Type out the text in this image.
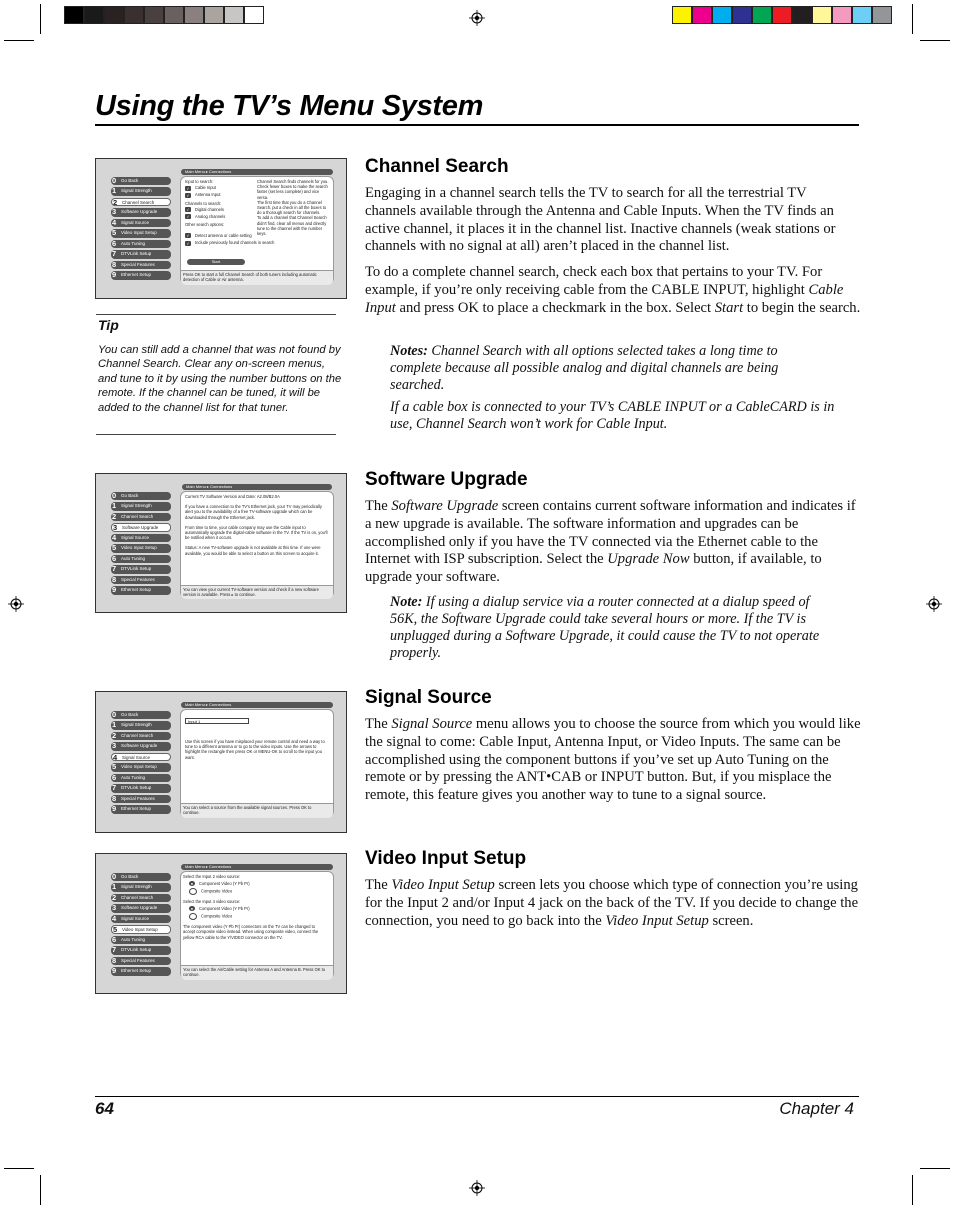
Using the TV’s Menu System
0 Go Back
1 Signal Strength
2 Channel Search
3 Software Upgrade
4 Signal Source
5 Video Input Setup
6 Auto Tuning
7 DTVLink Setup
8 Special Features
9 Ethernet Setup
Main Menu ▸ Connections
Input to search:
✓ Cable Input
✓ Antenna Input
Channels to search:
✓ Digital channels
✓ Analog channels
Other search options:
✓ Detect antenna or cable setting
✓ Include previously found channels in search
Start
Channel Search finds channels for you. Check fewer boxes to make the search faster (set less complete) and vice versa.
The first time that you do a Channel Search, put a check in all the boxes to do a thorough search for channels.
To add a channel that Channel Search didn't find, clear all menus and directly tune to the channel with the number keys.
Press OK to start a full Channel Search of both tuners including automatic detection of Cable or Air antenna.
Tip

You can still add a channel that was not found by Channel Search. Clear any on-screen menus, and tune to it by using the number buttons on the remote. If the channel can be tuned, it will be added to the channel list for that tuner.

Channel Search

Engaging in a channel search tells the TV to search for all the terrestrial TV channels available through the Antenna and Cable Inputs. When the TV finds an active channel, it places it in the channel list. Inactive channels (weak stations or channels with no signal at all) aren’t placed in the channel list.

To do a complete channel search, check each box that pertains to your TV. For example, if you’re only receiving cable from the CABLE INPUT, highlight Cable Input and press OK to place a checkmark in the box. Select Start to begin the search.

Notes: Channel Search with all options selected takes a long time to complete because all possible analog and digital channels are being searched.

If a cable box is connected to your TV’s CABLE INPUT or a CableCARD is in use, Channel Search won’t work for Cable Input.

0 Go Back
1 Signal Strength
2 Channel Search
3 Software Upgrade
4 Signal Source
5 Video Input Setup
6 Auto Tuning
7 DTVLink Setup
8 Special Features
9 Ethernet Setup
Main Menu ▸ Connections
Current TV Software Version and Date: A2.08/B2.0A
If you have a connection to the TV's Ethernet jack, your TV may periodically alert you to the availability of a free TV-software upgrade which can be downloaded through the Ethernet jack.
From time to time, your cable company may use the Cable input to automatically upgrade the digital-cable software in the TV. If the TV is on, you'll be notified when it occurs.
Status: A new TV-software upgrade is not available at this time. If one were available, you would be able to select a button on this screen to acquire it.
You can view your current TV-software version and check if a new software version is available. Press ▸ to continue.
Software Upgrade

The Software Upgrade screen contains current software information and indicates if a new upgrade is available. The software information and upgrades can be accomplished only if you have the TV connected via the Ethernet cable to the Internet with ISP subscription. Select the Upgrade Now button, if available, to upgrade your software.

Note: If using a dialup service via a router connected at a dialup speed of 56K, the Software Upgrade could take several hours or more. If the TV is unplugged during a Software Upgrade, it could cause the TV to not operate properly.

0 Go Back
1 Signal Strength
2 Channel Search
3 Software Upgrade
4 Signal Source
5 Video Input Setup
6 Auto Tuning
7 DTVLink Setup
8 Special Features
9 Ethernet Setup
Main Menu ▸ Connections
Input 1
Use this screen if you have misplaced your remote control and need a way to tune to a different antenna or to go to the video inputs. Use the arrows to highlight the rectangle then press OK or MENU-OK to scroll to the input you want.
You can select a source from the available signal sources. Press OK to continue.
Signal Source

The Signal Source menu allows you to choose the source from which you would like the signal to come: Cable Input, Antenna Input, or Video Inputs. The same can be accomplished using the component buttons if you’ve set up Auto Tuning on the remote or by pressing the ANT•CAB or INPUT button. But, if you misplace the remote, this feature gives you another way to tune to a signal source.

0 Go Back
1 Signal Strength
2 Channel Search
3 Software Upgrade
4 Signal Source
5 Video Input Setup
6 Auto Tuning
7 DTVLink Setup
8 Special Features
9 Ethernet Setup
Main Menu ▸ Connections
Select the Input 2 video source:
● Component Video (Y Pb Pr)
Composite Video
Select the Input 4 video source:
● Component Video (Y Pb Pr)
Composite Video
The component video (Y Pb Pr) connectors on the TV can be changed to accept composite video instead. When using composite video, connect the yellow RCA cable to the Y/VIDEO connector on the TV.
You can select the Air/Cable setting for Antenna A and Antenna B. Press OK to continue.
Video Input Setup

The Video Input Setup screen lets you choose which type of connection you’re using for the Input 2 and/or Input 4 jack on the back of the TV. If you decide to change the connection, you need to go back into the Video Input Setup screen.

64	Chapter 4
